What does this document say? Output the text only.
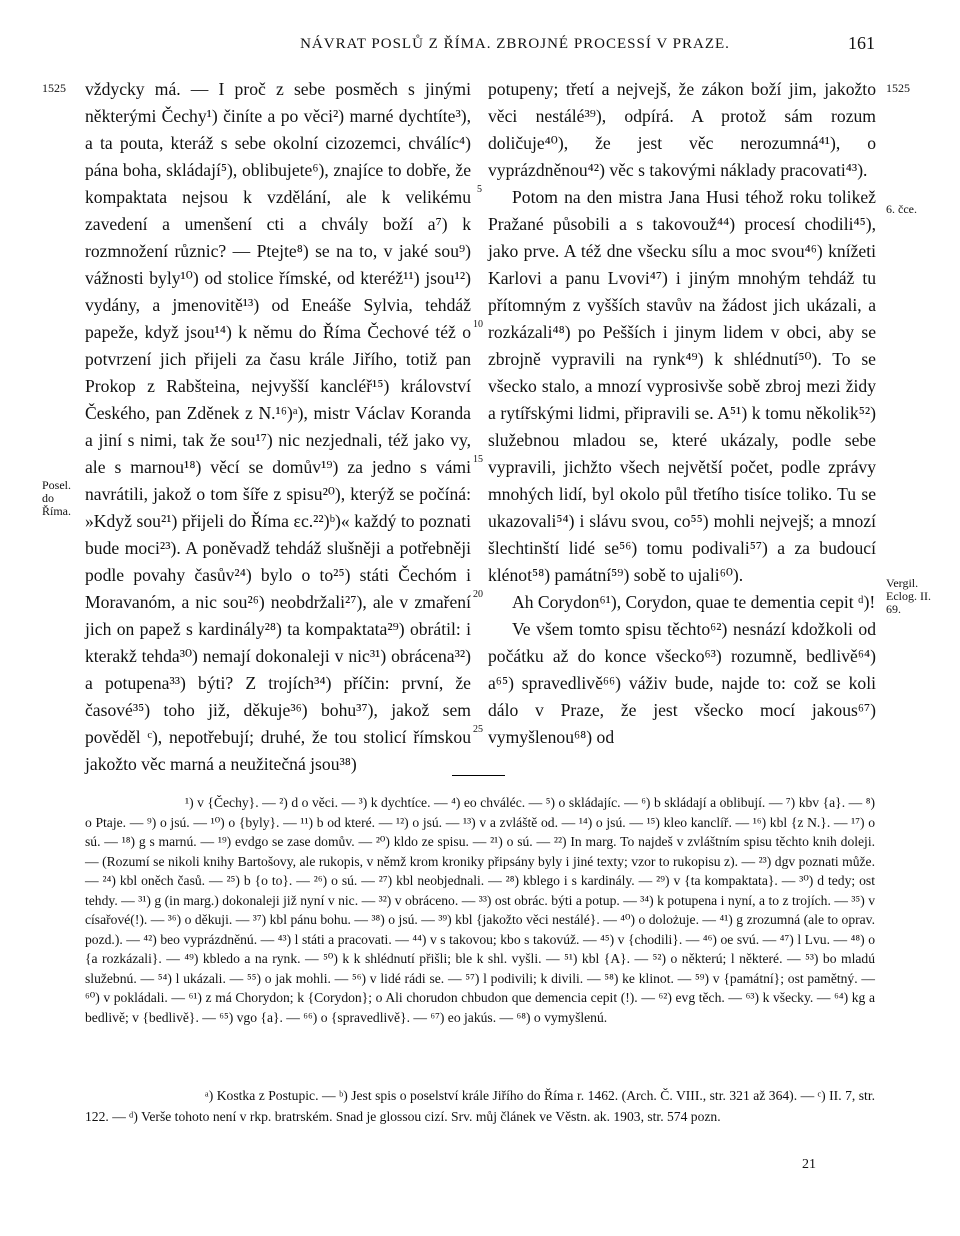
NÁVRAT POSLŮ Z ŘÍMA. ZBROJNÉ PROCESSÍ V PRAZE.	161
1525	1525
Posel. do Říma.
6. čce.
Vergil. Eclog. II. 69.
5
10
15
20
25

vždycky má. — I proč z sebe posměch s jinými některými Čechy¹) činíte a po věci²) marné dychtíte³), a ta pouta, kteráž s sebe okolní cizozemci, chválíc⁴) pána boha, skládají⁵), oblibujete⁶), znajíce to dobře, že kompaktata nejsou k vzdělání, ale k velikému zavedení a umenšení cti a chvály boží a⁷) k rozmnožení různic? — Ptejte⁸) se na to, v jaké sou⁹) vážnosti byly¹⁰) od stolice římské, od kteréž¹¹) jsou¹²) vydány, a jmenovitě¹³) od Eneáše Sylvia, tehdáž papeže, když jsou¹⁴) k němu do Říma Čechové též o potvrzení jich přijeli za času krále Jiřího, totiž pan Prokop z Rabšteina, nejvyšší kancléř¹⁵) království Českého, pan Zděnek z N.¹⁶)ᵃ), mistr Václav Koranda a jiní s nimi, tak že sou¹⁷) nic nezjednali, též jako vy, ale s marnou¹⁸) věcí se domův¹⁹) za jedno s vámi navrátili, jakož o tom šíře z spisu²⁰), kterýž se počíná: »Když sou²¹) přijeli do Říma ɛc.²²)ᵇ)« každý to poznati bude moci²³). A poněvadž tehdáž slušněji a potřebněji podle povahy časův²⁴) bylo o to²⁵) státi Čechóm i Moravanóm, a nic sou²⁶) neobdržali²⁷), ale v zmaření jich on papež s kardinály²⁸) ta kompaktata²⁹) obrátil: i kterakž tehda³⁰) nemají dokonaleji v nic³¹) obrácena³²) a potupena³³) býti? Z trojích³⁴) příčin: první, že časové³⁵) toho již, děkuje³⁶) bohu³⁷), jakož sem pověděl ᶜ), nepotřebují; druhé, že tou stolicí římskou jakožto věc marná a neužitečná jsou³⁸)

potupeny; třetí a nejvejš, že zákon boží jim, jakožto věci nestálé³⁹), odpírá. A protož sám rozum doličuje⁴⁰), že jest věc nerozumná⁴¹), o vyprázdněnou⁴²) věc s takovými náklady pracovati⁴³).

Potom na den mistra Jana Husi téhož roku tolikež Pražané působili a s takovouž⁴⁴) procesí chodili⁴⁵), jako prve. A též dne všecku sílu a moc svou⁴⁶) knížeti Karlovi a panu Lvovi⁴⁷) i jiným mnohým tehdáž tu přítomným z vyšších stavův na žádost jich ukázali, a rozkázali⁴⁸) po Pešších i jinym lidem v obci, aby se zbrojně vypravili na rynk⁴⁹) k shlédnutí⁵⁰). To se všecko stalo, a mnozí vyprosivše sobě zbroj mezi židy a rytířskými lidmi, připravili se. A⁵¹) k tomu několik⁵²) služebnou mladou se, které ukázaly, podle sebe vypravili, jichžto všech největší počet, podle zprávy mnohých lidí, byl okolo půl třetího tisíce toliko. Tu se ukazovali⁵⁴) i slávu svou, co⁵⁵) mohli nejvejš; a mnozí šlechtinští lidé se⁵⁶) tomu podivali⁵⁷) a za budoucí klénot⁵⁸) památní⁵⁹) sobě to ujali⁶⁰).

Ah Corydon⁶¹), Corydon, quae te dementia cepit ᵈ)!

Ve všem tomto spisu těchto⁶²) nesnází kdožkoli od počátku až do konce všecko⁶³) rozumně, bedlivě⁶⁴) a⁶⁵) spravedlivě⁶⁶) váživ bude, najde to: což se koli dálo v Praze, že jest všecko mocí jakous⁶⁷) vymyšlenou⁶⁸) od

¹) v {Čechy}. — ²) d o věci. — ³) k dychtíce. — ⁴) eo chváléc. — ⁵) o skládajíc. — ⁶) b skládají a oblibují. — ⁷) kbv {a}. — ⁸) o Ptaje. — ⁹) o jsú. — ¹⁰) o {byly}. — ¹¹) b od které. — ¹²) o jsú. — ¹³) v a zvláště od. — ¹⁴) o jsú. — ¹⁵) kleo kanclíř. — ¹⁶) kbl {z N.}. — ¹⁷) o sú. — ¹⁸) g s marnú. — ¹⁹) evdgo se zase domův. — ²⁰) kldo ze spisu. — ²¹) o sú. — ²²) In marg. To najdeš v zvláštním spisu těchto knih doleji. — (Rozumí se nikoli knihy Bartošovy, ale rukopis, v němž krom kroniky připsány byly i jiné texty; vzor to rukopisu z). — ²³) dgv poznati může. — ²⁴) kbl oněch časů. — ²⁵) b {o to}. — ²⁶) o sú. — ²⁷) kbl neobjednali. — ²⁸) kblego i s kardinály. — ²⁹) v {ta kompaktata}. — ³⁰) d tedy; ost tehdy. — ³¹) g (in marg.) dokonaleji již nyní v nic. — ³²) v obráceno. — ³³) ost obrác. býti a potup. — ³⁴) k potupena i nyní, a to z trojích. — ³⁵) v císařové(!). — ³⁶) o děkuji. — ³⁷) kbl pánu bohu. — ³⁸) o jsú. — ³⁹) kbl {jakožto věci nestálé}. — ⁴⁰) o dolożuje. — ⁴¹) g zrozumná (ale to oprav. pozd.). — ⁴²) beo vyprázdněnú. — ⁴³) l státi a pracovati. — ⁴⁴) v s takovou; kbo s takovúž. — ⁴⁵) v {chodili}. — ⁴⁶) oe svú. — ⁴⁷) l Lvu. — ⁴⁸) o {a rozkázali}. — ⁴⁹) kbledo a na rynk. — ⁵⁰) k k shlédnutí přišli; ble k shl. vyšli. — ⁵¹) kbl {A}. — ⁵²) o některú; l některé. — ⁵³) bo mladú služebnú. — ⁵⁴) l ukázali. — ⁵⁵) o jak mohli. — ⁵⁶) v lidé rádi se. — ⁵⁷) l podivili; k divili. — ⁵⁸) ke klinot. — ⁵⁹) v {památní}; ost pamětný. — ⁶⁰) v pokládali. — ⁶¹) z má Chorydon; k {Corydon}; o Ali chorudon chbudon que demencia cepit (!). — ⁶²) evg těch. — ⁶³) k všecky. — ⁶⁴) kg a bedlivě; v {bedlivě}. — ⁶⁵) vgo {a}. — ⁶⁶) o {spravedlivě}. — ⁶⁷) eo jakús. — ⁶⁸) o vymyšlenú.

ᵃ) Kostka z Postupic. — ᵇ) Jest spis o poselství krále Jiřího do Říma r. 1462. (Arch. Č. VIII., str. 321 až 364). — ᶜ) II. 7, str. 122. — ᵈ) Verše tohoto není v rkp. bratrském. Snad je glossou cizí. Srv. můj článek ve Věstn. ak. 1903, str. 574 pozn.

21
